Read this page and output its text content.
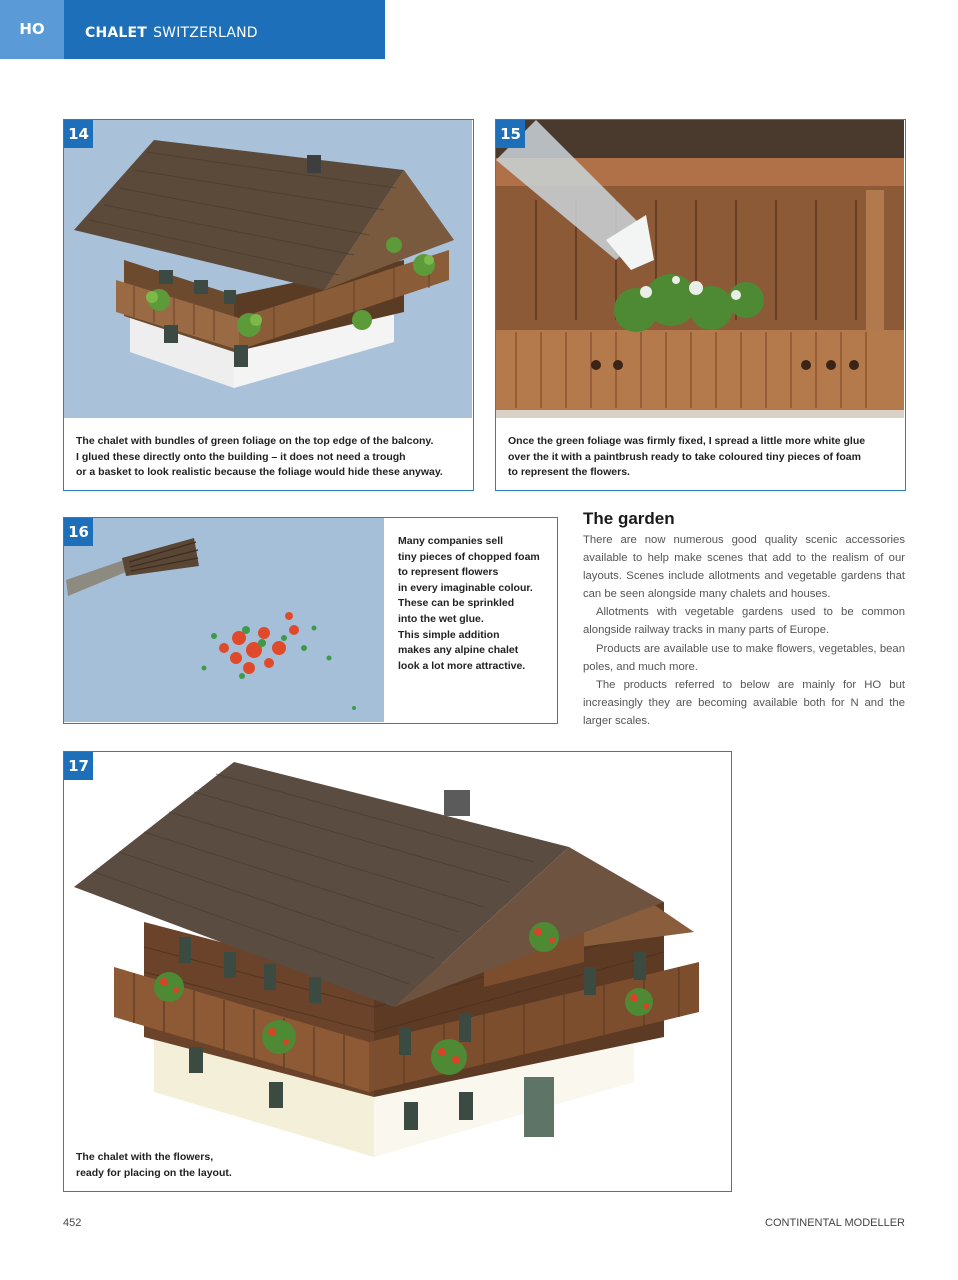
HO	CHALET SWITZERLAND
14
The chalet with bundles of green foliage on the top edge of the balcony.
I glued these directly onto the building – it does not need a trough
or a basket to look realistic because the foliage would hide these anyway.
15
Once the green foliage was firmly fixed, I spread a little more white glue
over the it with a paintbrush ready to take coloured tiny pieces of foam
to represent the flowers.
16	Many companies sell
tiny pieces of chopped foam
to represent flowers
in every imaginable colour.
These can be sprinkled
into the wet glue.
This simple addition
makes any alpine chalet
look a lot more attractive.
The garden

There are now numerous good quality scenic accessories available to help make scenes that add to the realism of our layouts. Scenes include allotments and vegetable gardens that can be seen alongside many chalets and houses.

Allotments with vegetable gardens used to be common alongside railway tracks in many parts of Europe.

Products are available use to make flowers, vegetables, bean poles, and much more.

The products referred to below are mainly for HO but increasingly they are becoming available both for N and the larger scales.

17
The chalet with the flowers,
ready for placing on the layout.
452	CONTINENTAL MODELLER
